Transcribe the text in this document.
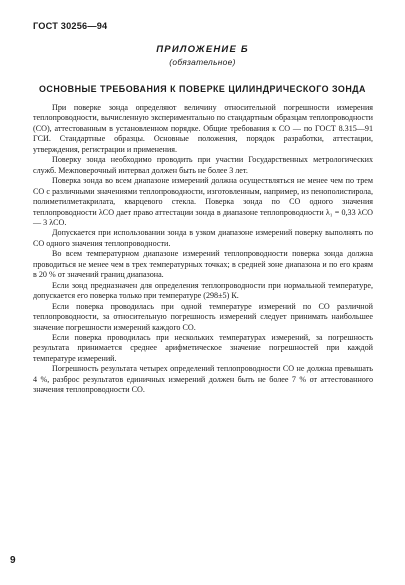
ГОСТ 30256—94
ПРИЛОЖЕНИЕ Б
(обязательное)
ОСНОВНЫЕ ТРЕБОВАНИЯ К ПОВЕРКЕ ЦИЛИНДРИЧЕСКОГО ЗОНДА

При поверке зонда определяют величину относительной погрешности измерения теплопроводности, вычисленную экспериментально по стандартным образцам теплопроводности (СО), аттестованным в установленном порядке. Общие требования к СО — по ГОСТ 8.315—91 ГСИ. Стандартные образцы. Основные положения, порядок разработки, аттестации, утверждения, регистрации и применения.

Поверку зонда необходимо проводить при участии Государственных метрологических служб. Межповерочный интервал должен быть не более 3 лет.

Поверка зонда во всем диапазоне измерений должна осуществляться не менее чем по трем СО с различными значениями теплопроводности, изготовленным, например, из пенополистирола, полиметилметакрилата, кварцевого стекла. Поверка зонда по СО одного значения теплопроводности λСО дает право аттестации зонда в диапазоне теплопроводности λ₁ = 0,33 λСО — 3 λСО.

Допускается при использовании зонда в узком диапазоне измерений поверку выполнять по СО одного значения теплопроводности.

Во всем температурном диапазоне измерений теплопроводности поверка зонда должна проводиться не менее чем в трех температурных точках; в средней зоне диапазона и по его краям в 20 % от значений границ диапазона.

Если зонд предназначен для определения теплопроводности при нормальной температуре, допускается его поверка только при температуре (298±5) К.

Если поверка проводилась при одной температуре измерений по СО различной теплопроводности, за относительную погрешность измерений следует принимать наибольшее значение погрешности измерений каждого СО.

Если поверка проводилась при нескольких температурах измерений, за погрешность результата принимается среднее арифметическое значение погрешностей при каждой температуре измерений.

Погрешность результата четырех определений теплопроводности СО не должна превышать 4 %, разброс результатов единичных измерений должен быть не более 7 % от аттестованного значения теплопроводности СО.

9
